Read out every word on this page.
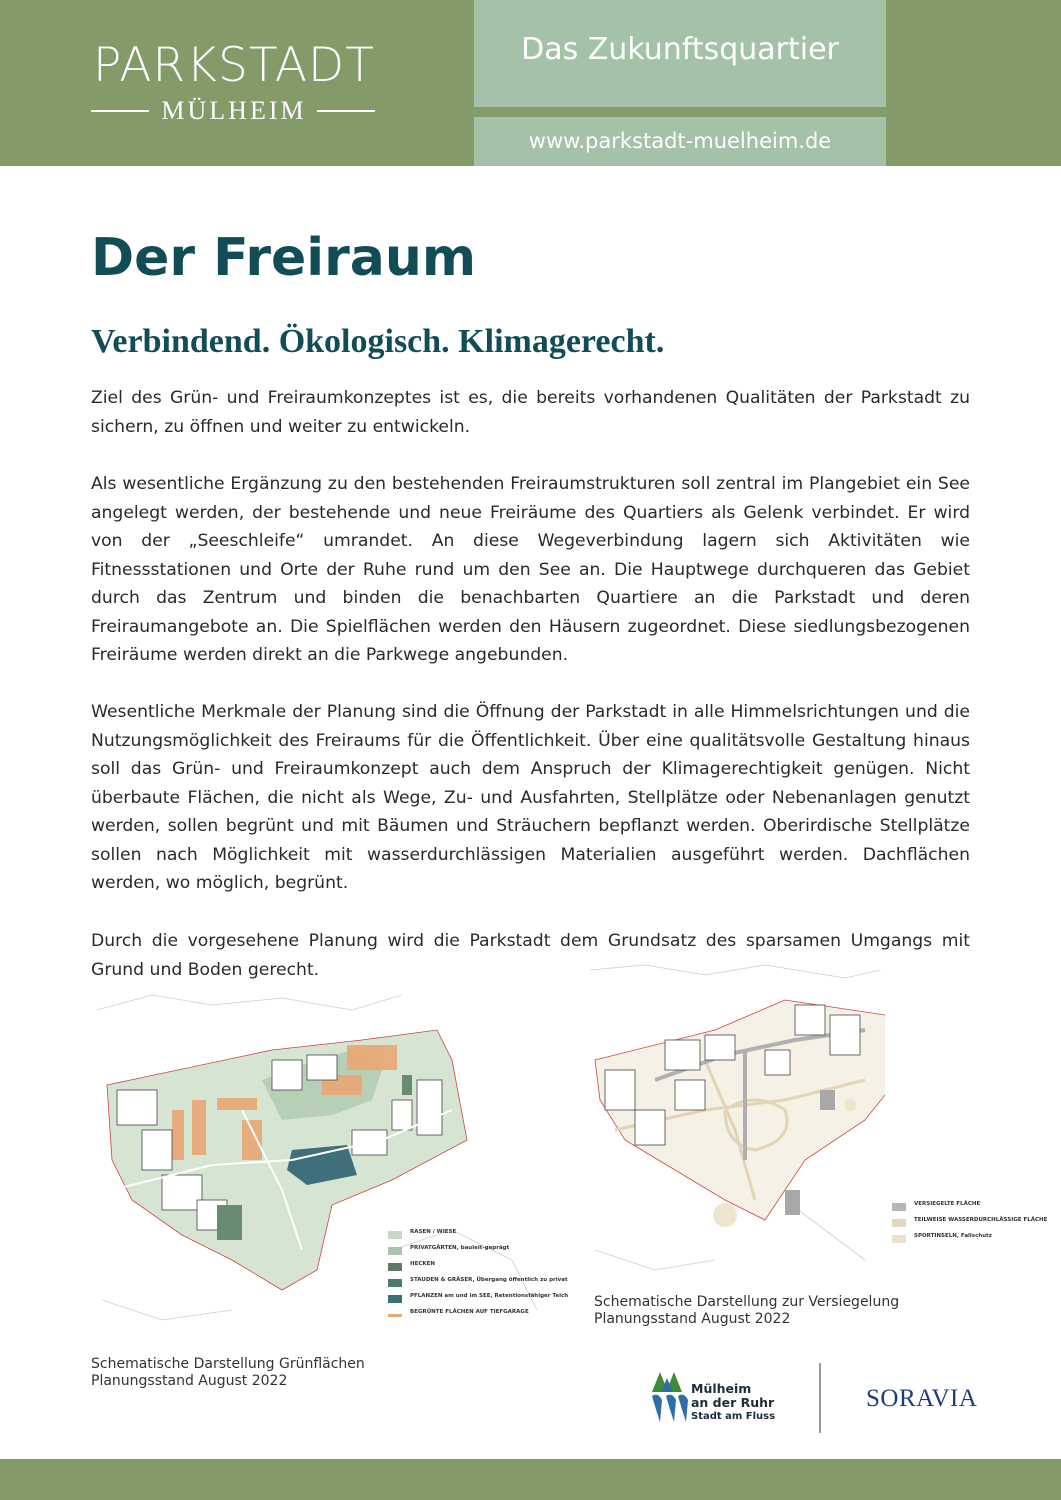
PARKSTADT
MÜLHEIM
Das Zukunftsquartier
www.parkstadt-muelheim.de
Der Freiraum
Verbindend. Ökologisch. Klimagerecht.

Ziel des Grün- und Freiraumkonzeptes ist es, die bereits vorhandenen Qualitäten der Parkstadt zu sichern, zu öffnen und weiter zu entwickeln.

Als wesentliche Ergänzung zu den bestehenden Freiraumstrukturen soll zentral im Plangebiet ein See angelegt werden, der bestehende und neue Freiräume des Quartiers als Gelenk verbindet. Er wird von der „Seeschleife“ umrandet. An diese Wegeverbindung lagern sich Aktivitäten wie Fitnessstationen und Orte der Ruhe rund um den See an. Die Hauptwege durchqueren das Gebiet durch das Zentrum und binden die benachbarten Quartiere an die Parkstadt und deren Freiraumangebote an. Die Spielflächen werden den Häusern zugeordnet. Diese siedlungsbezogenen Freiräume werden direkt an die Parkwege angebunden.

Wesentliche Merkmale der Planung sind die Öffnung der Parkstadt in alle Himmelsrichtungen und die Nutzungsmöglichkeit des Freiraums für die Öffentlichkeit. Über eine qualitätsvolle Gestaltung hinaus soll das Grün- und Freiraumkonzept auch dem Anspruch der Klimagerechtigkeit genügen. Nicht überbaute Flächen, die nicht als Wege, Zu- und Ausfahrten, Stellplätze oder Nebenanlagen genutzt werden, sollen begrünt und mit Bäumen und Sträuchern bepflanzt werden. Oberirdische Stellplätze sollen nach Möglichkeit mit wasserdurchlässigen Materialien ausgeführt werden. Dachflächen werden, wo möglich, begrünt.

Durch die vorgesehene Planung wird die Parkstadt dem Grundsatz des sparsamen Umgangs mit Grund und Boden gerecht.

RASEN / WIESE
PRIVATGÄRTEN, bauleit-geprägt
HECKEN
STAUDEN & GRÄSER, Übergang öffentlich zu privat
PFLANZEN am und im SEE, Retentionsfähiger Teich
BEGRÜNTE FLÄCHEN AUF TIEFGARAGE
Schematische Darstellung Grünflächen
Planungsstand August 2022
VERSIEGELTE FLÄCHE
TEILWEISE WASSERDURCHLÄSSIGE FLÄCHE
SPORTINSELN, Fallschutz
Schematische Darstellung zur Versiegelung
Planungsstand August 2022
Mülheim
an der Ruhr
Stadt am Fluss
SORAVIA
